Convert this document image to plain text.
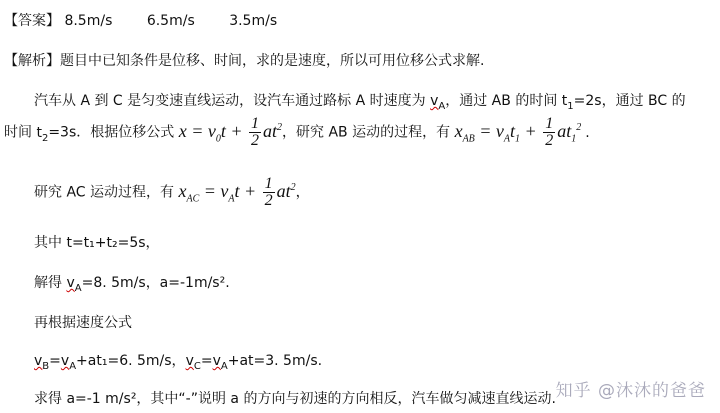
【答案】 8.5m/s 6.5m/s 3.5m/s
【解析】题目中已知条件是位移、时间，求的是速度，所以可用位移公式求解.
汽车从 A 到 C 是匀变速直线运动，设汽车通过路标 A 时速度为 $v_A$，通过 AB 的时间 $t_1=2s$，通过 BC 的
时间 $t_2=3s$．根据位移公式 $x = v_0t + \frac{1}{2} at^2$，研究 AB 运动的过程，有 $x_{AB} = v_At_1 + \frac{1}{2} at_1^2$ .
研究 AC 运动过程，有 $x_{AC} = v_At + \frac{1}{2} at^2$，
其中 t=t₁+t₂=5s，
解得 $v_A=8$. 5m/s，a=-1m/s².
再根据速度公式
$v_B=v_A+at_1=6$. 5m/s，$v_C=v_A+at=3$. 5m/s.
求得 a=-1 m/s²，其中“-”说明 a 的方向与初速的方向相反，汽车做匀减速直线运动. 知乎 @沐沐的爸爸
